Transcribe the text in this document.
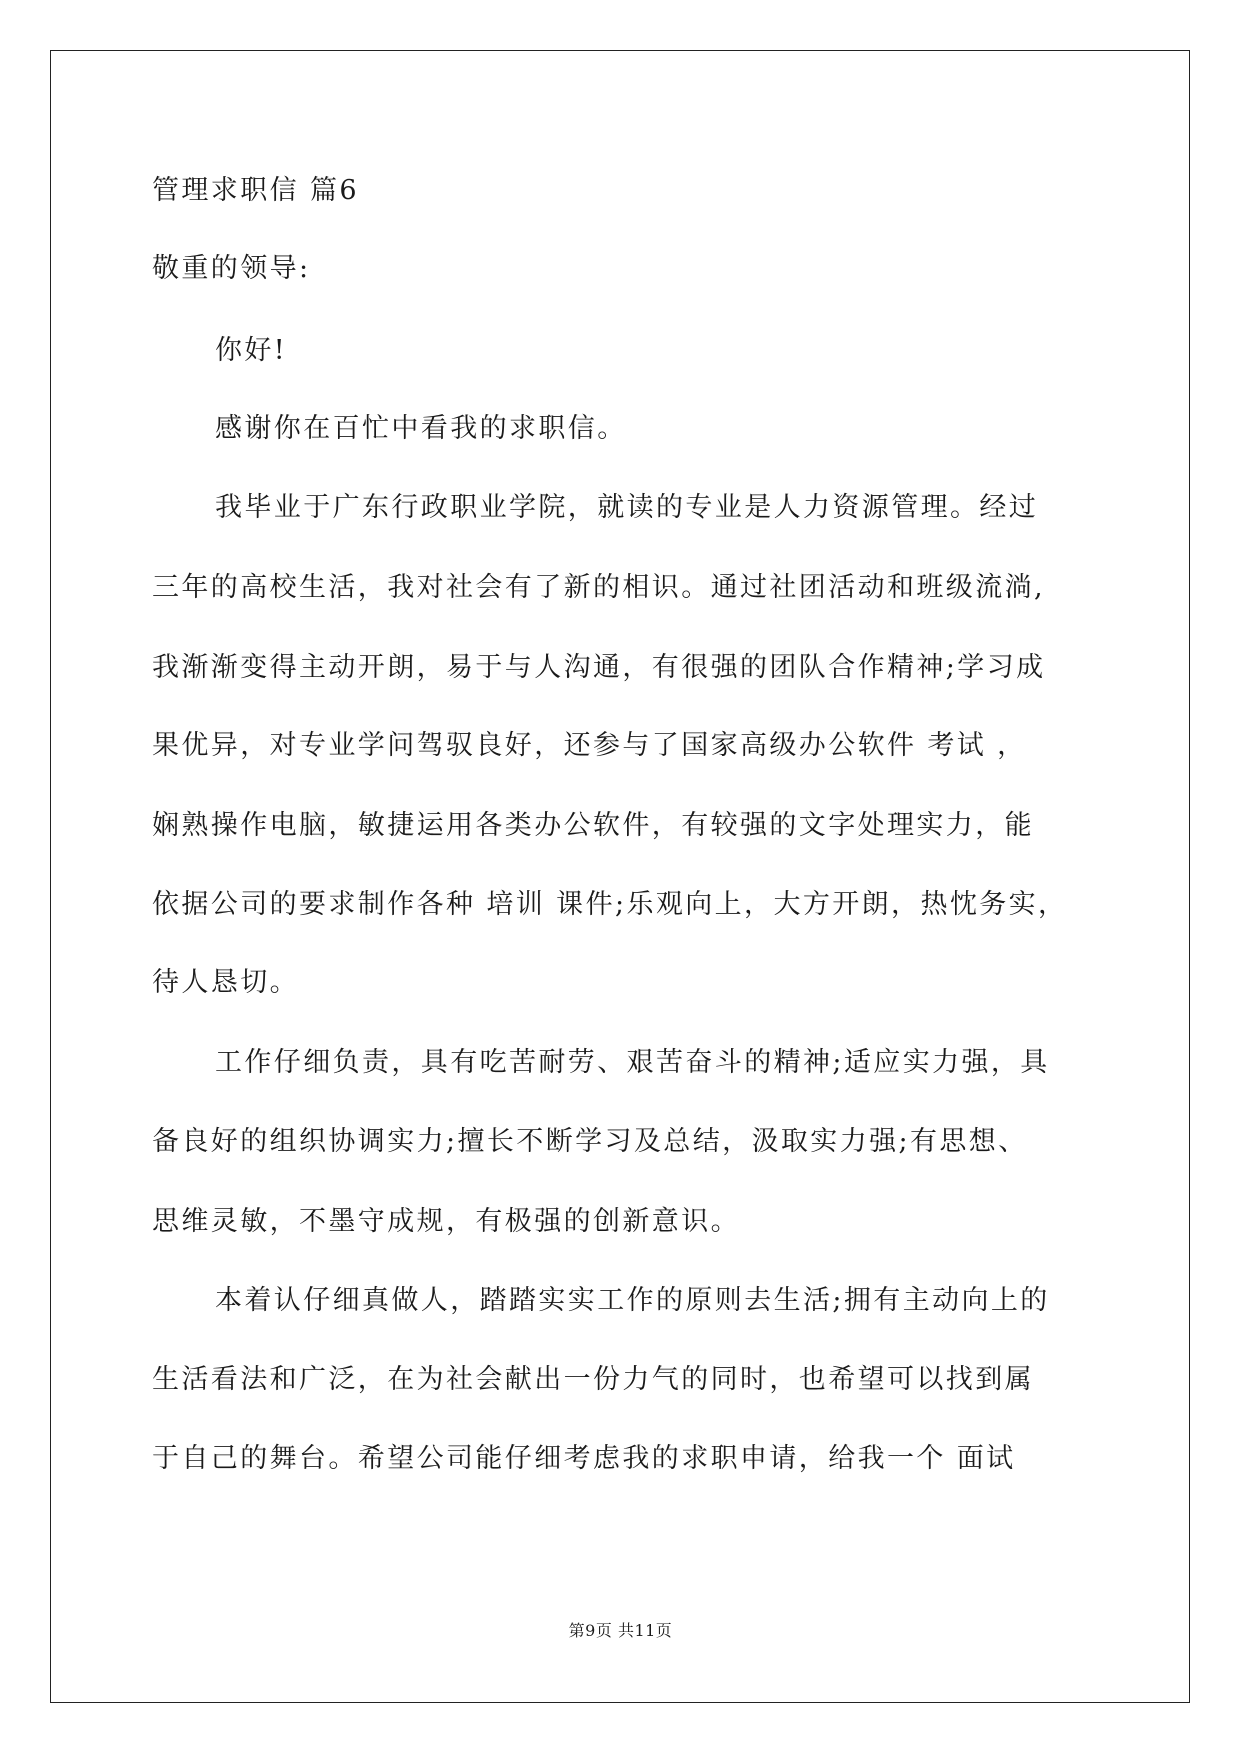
管理求职信 篇6
敬重的领导:
你好!
感谢你在百忙中看我的求职信。
我毕业于广东行政职业学院，就读的专业是人力资源管理。经过
三年的高校生活，我对社会有了新的相识。通过社团活动和班级流淌,
我渐渐变得主动开朗，易于与人沟通，有很强的团队合作精神;学习成
果优异，对专业学问驾驭良好，还参与了国家高级办公软件 考试 ，
娴熟操作电脑，敏捷运用各类办公软件，有较强的文字处理实力，能
依据公司的要求制作各种 培训 课件;乐观向上，大方开朗，热忱务实，
待人恳切。
工作仔细负责，具有吃苦耐劳、艰苦奋斗的精神;适应实力强，具
备良好的组织协调实力;擅长不断学习及总结，汲取实力强;有思想、
思维灵敏，不墨守成规，有极强的创新意识。
本着认仔细真做人，踏踏实实工作的原则去生活;拥有主动向上的
生活看法和广泛，在为社会献出一份力气的同时，也希望可以找到属
于自己的舞台。希望公司能仔细考虑我的求职申请，给我一个 面试
第9页 共11页
